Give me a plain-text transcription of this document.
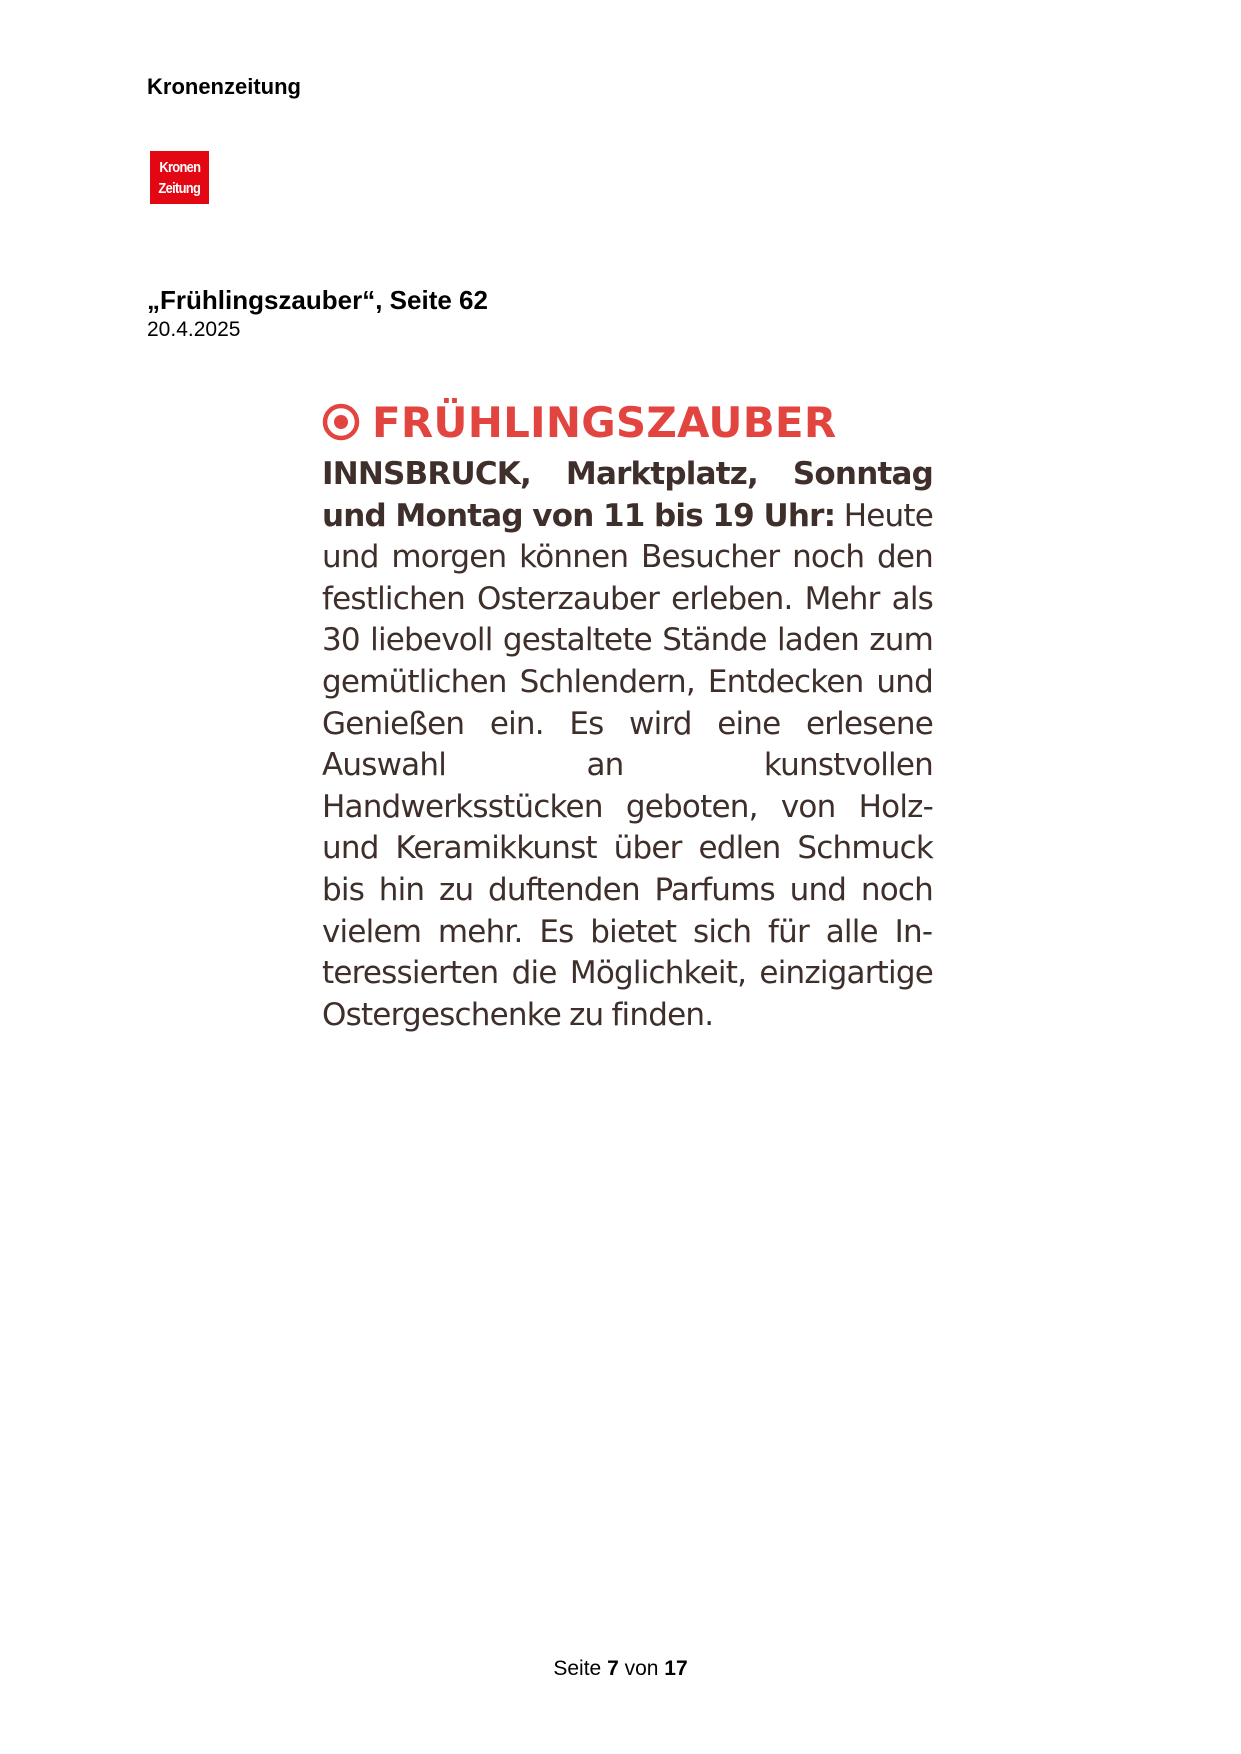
Kronenzeitung
Kronen
Zeitung
„Frühlingszauber“, Seite 62
20.4.2025
FRÜHLINGSZAUBER

INNSBRUCK, Marktplatz, Sonntag und Montag von 11 bis 19 Uhr: Heute und morgen können Besucher noch den festlichen Osterzauber erleben. Mehr als 30 liebevoll gestaltete Stände laden zum gemütlichen Schlendern, Entdecken und Genießen ein. Es wird eine erlesene Auswahl an kunstvollen Handwerksstücken geboten, von Holz- und Keramikkunst über edlen Schmuck bis hin zu duftenden Parfums und noch vielem mehr. Es bietet sich für alle Interessierten die Möglichkeit, einzigartige Ostergeschenke zu finden.

Seite 7 von 17
